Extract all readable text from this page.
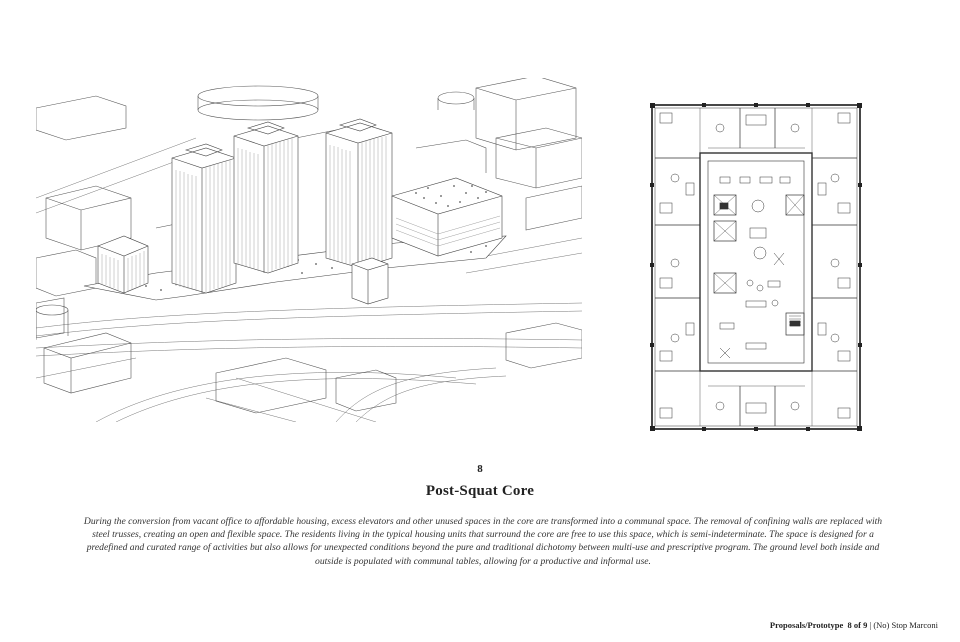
8
Post-Squat Core
During the conversion from vacant office to affordable housing, excess elevators and other unused spaces in the core are transformed into a communal space. The removal of confining walls are replaced with steel trusses, creating an open and flexible space. The residents living in the typical housing units that surround the core are free to use this space, which is semi-indeterminate. The space is designed for a predefined and curated range of activities but also allows for unexpected conditions beyond the pure and traditional dichotomy between multi-use and prescriptive program. The ground level both inside and outside is populated with communal tables, allowing for a productive and informal use.
Proposals/Prototype 8 of 9 | (No) Stop Marconi
